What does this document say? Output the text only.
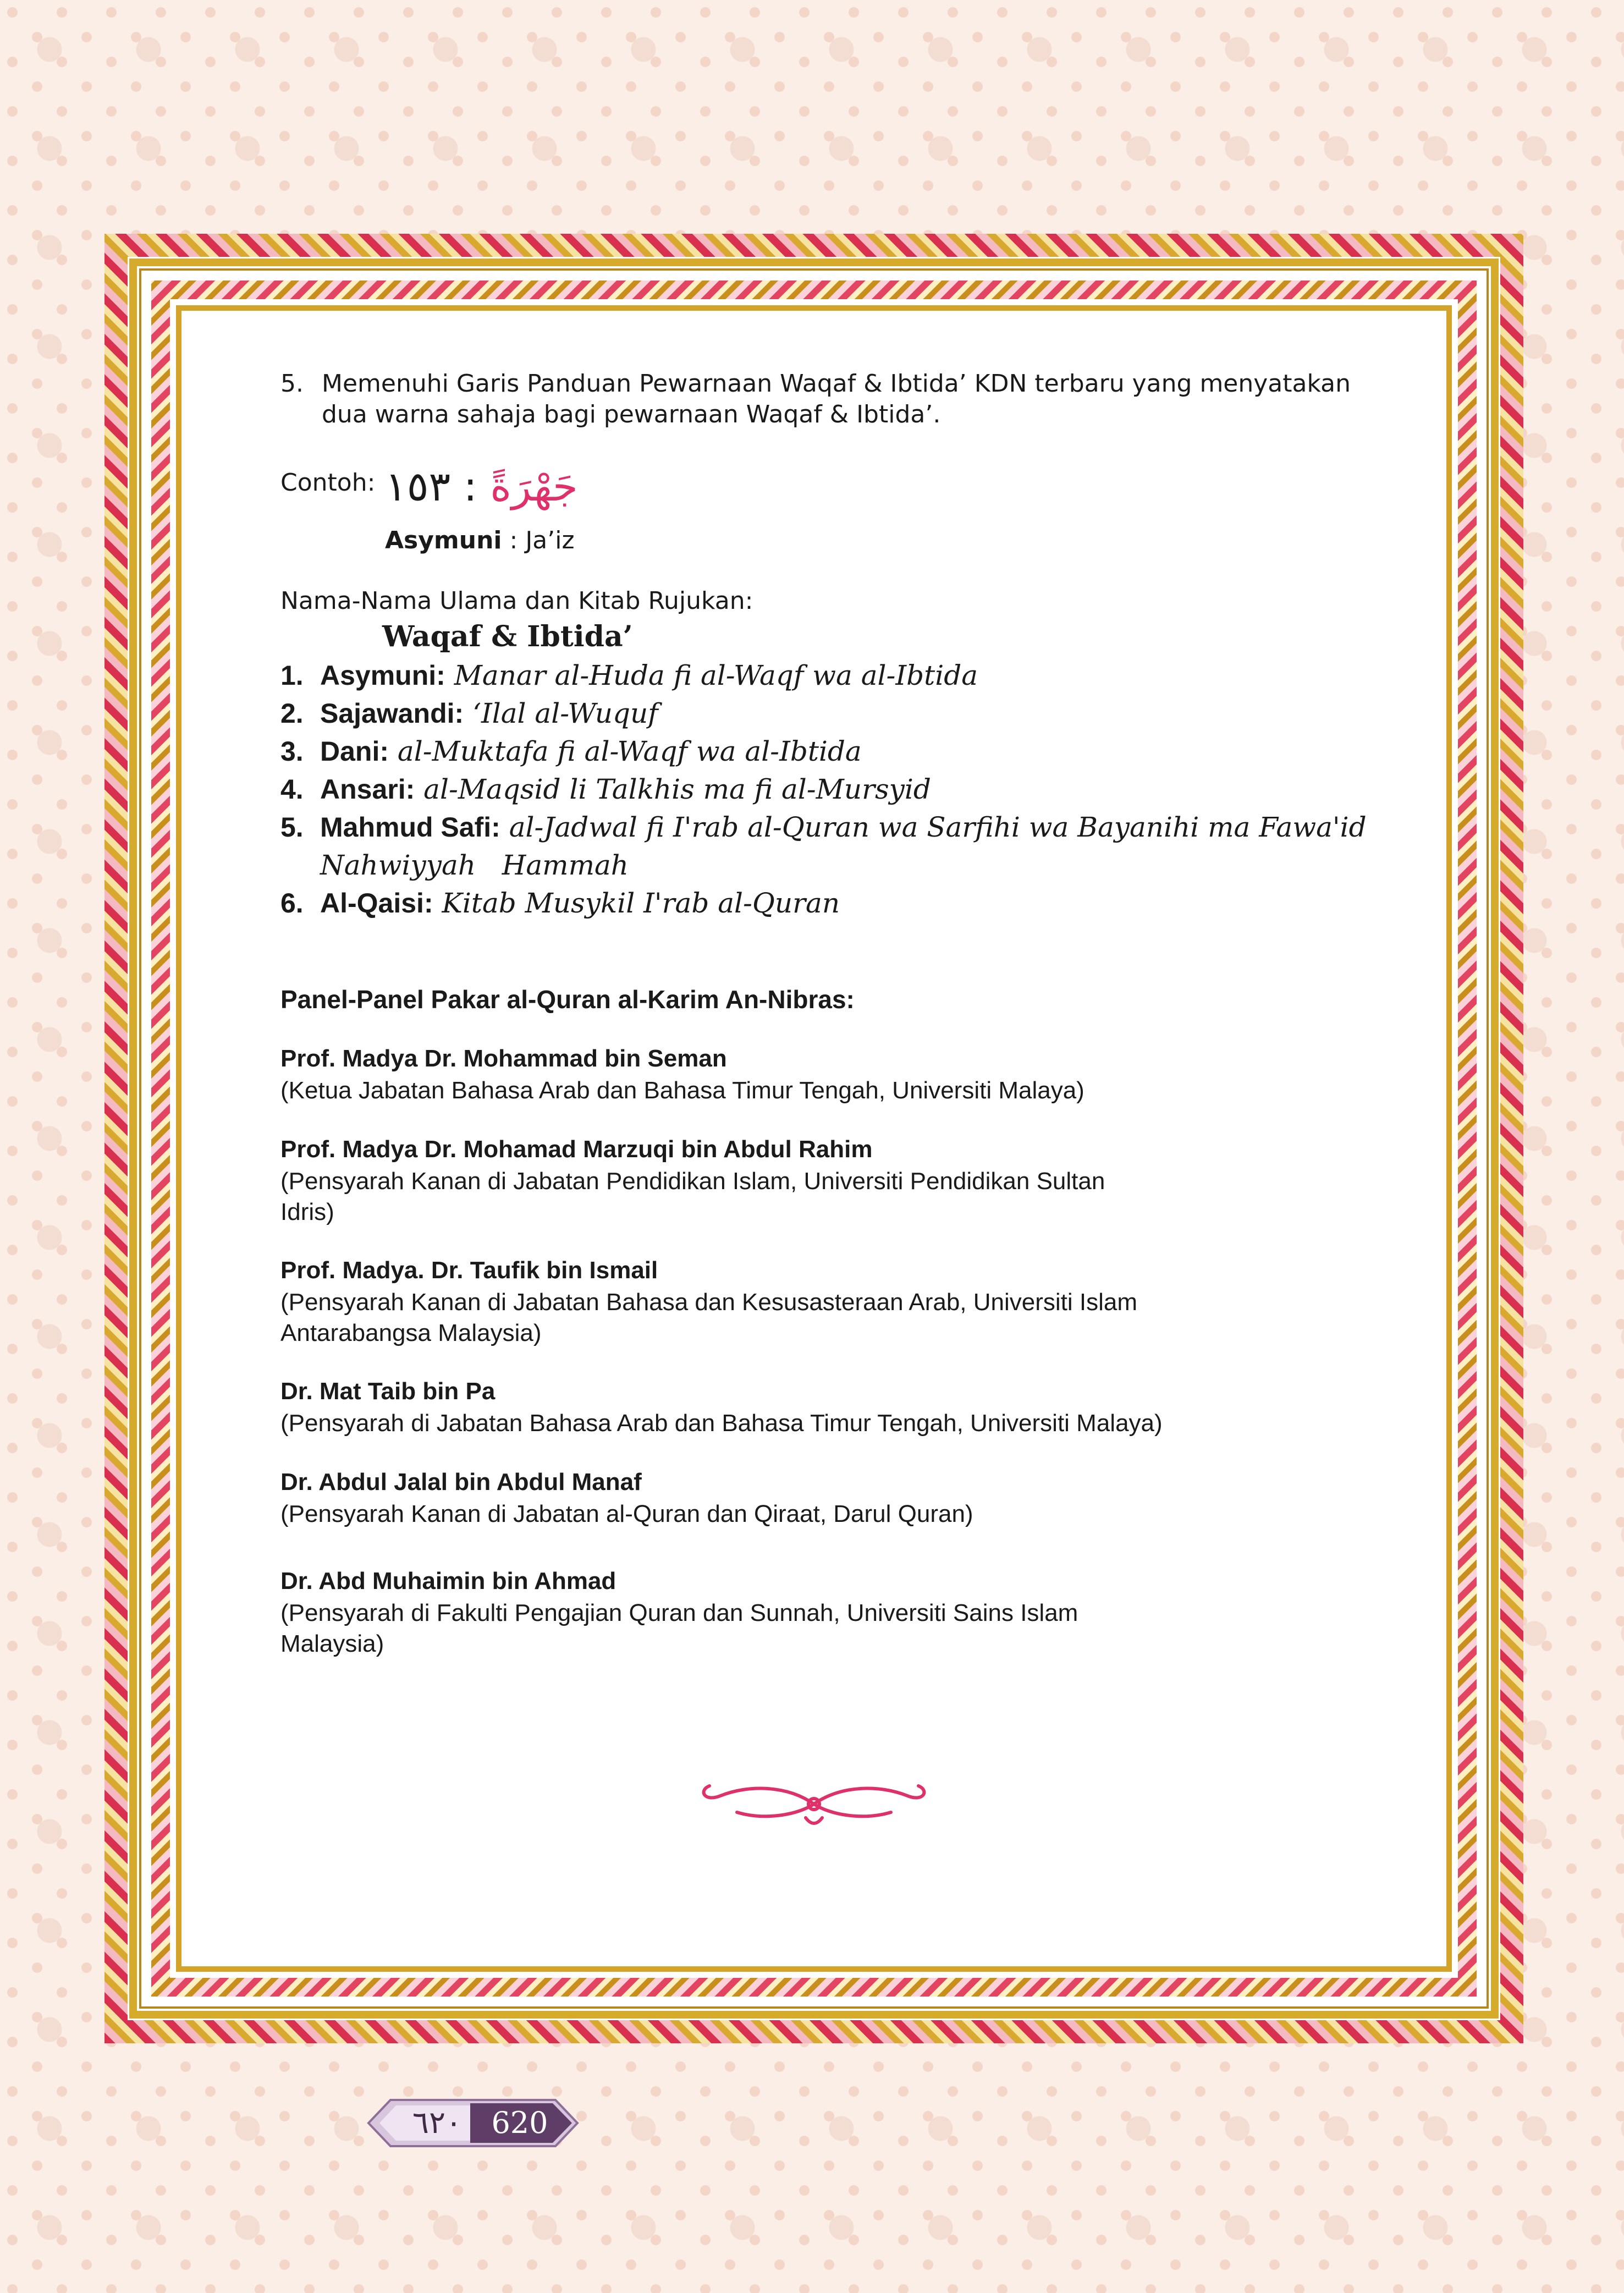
5. Memenuhi Garis Panduan Pewarnaan Waqaf & Ibtida’ KDN terbaru yang menyatakan
dua warna sahaja bagi pewarnaan Waqaf & Ibtida’.
Contoh:	جَهْرَةً : ١٥٣
Asymuni : Ja’iz
Nama-Nama Ulama dan Kitab Rujukan:
Waqaf & Ibtida’
1. Asymuni: Manar al-Huda fi al-Waqf wa al-Ibtida
2. Sajawandi: ‘Ilal al-Wuquf
3. Dani: al-Muktafa fi al-Waqf wa al-Ibtida
4. Ansari: al-Maqsid li Talkhis ma fi al-Mursyid
5. Mahmud Safi: al-Jadwal fi I'rab al-Quran wa Sarfihi wa Bayanihi ma Fawa'id
Nahwiyyah   Hammah
6. Al-Qaisi: Kitab Musykil I'rab al-Quran
Panel-Panel Pakar al-Quran al-Karim An-Nibras:
Prof. Madya Dr. Mohammad bin Seman
(Ketua Jabatan Bahasa Arab dan Bahasa Timur Tengah, Universiti Malaya)
Prof. Madya Dr. Mohamad Marzuqi bin Abdul Rahim
(Pensyarah Kanan di Jabatan Pendidikan Islam, Universiti Pendidikan Sultan
Idris)
Prof. Madya. Dr. Taufik bin Ismail
(Pensyarah Kanan di Jabatan Bahasa dan Kesusasteraan Arab, Universiti Islam
Antarabangsa Malaysia)
Dr. Mat Taib bin Pa
(Pensyarah di Jabatan Bahasa Arab dan Bahasa Timur Tengah, Universiti Malaya)
Dr. Abdul Jalal bin Abdul Manaf
(Pensyarah Kanan di Jabatan al-Quran dan Qiraat, Darul Quran)
Dr. Abd Muhaimin bin Ahmad
(Pensyarah di Fakulti Pengajian Quran dan Sunnah, Universiti Sains Islam
Malaysia)
٦٢٠ 620
